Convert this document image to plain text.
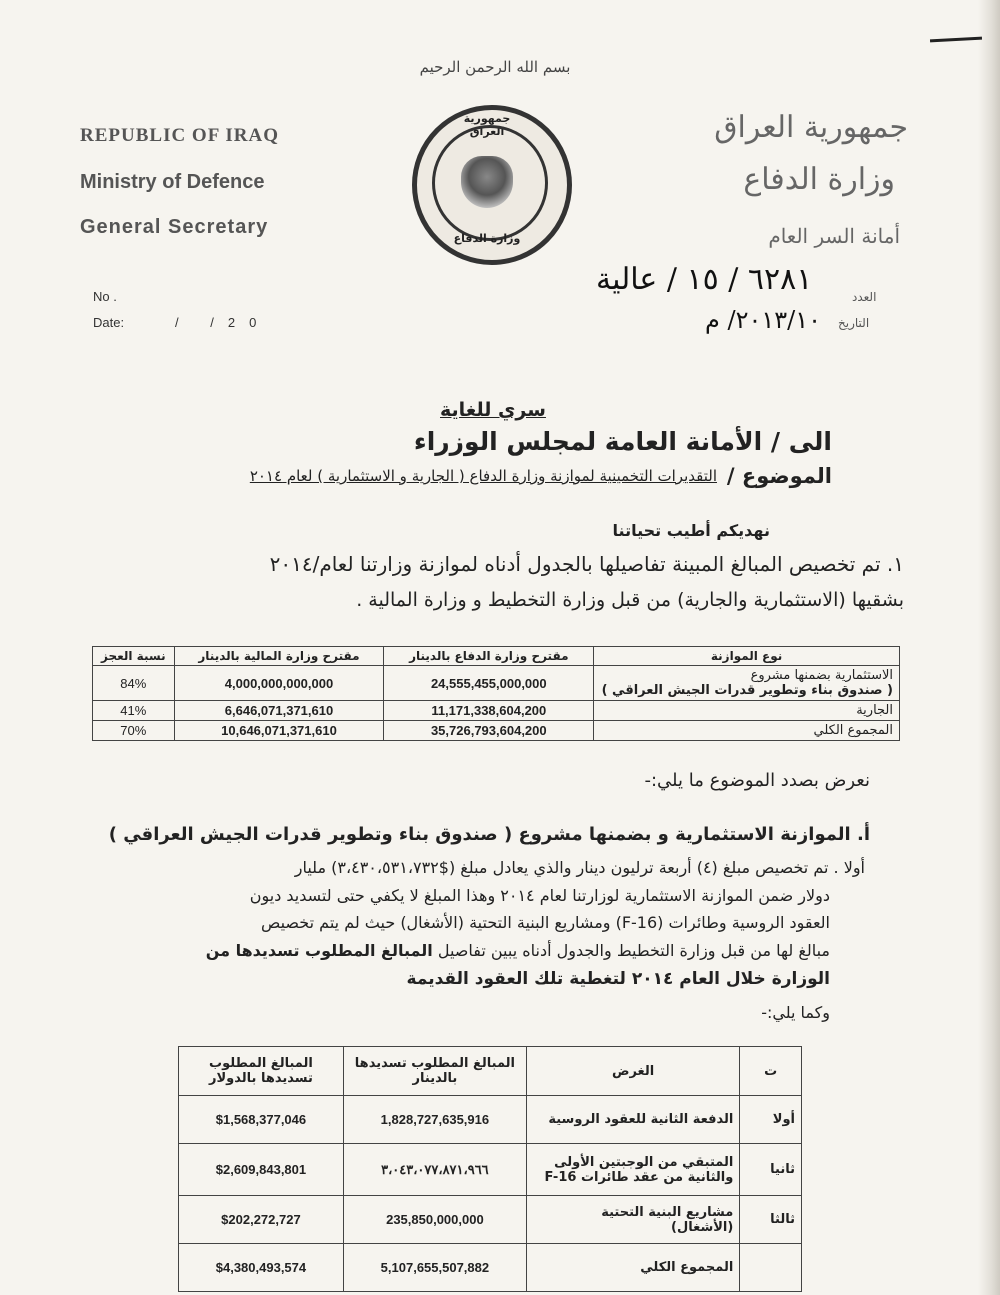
بسم الله الرحمن الرحيم
REPUBLIC OF IRAQ
Ministry of Defence
General Secretary
جمهورية العراق
وزارة الدفاع
جمهورية العراق
وزارة الدفاع
أمانة السر العام
No .
Date:	/ /20
العدد
التاريخ
٦٢٨١ / ١٥ / عالية
٢٠١٣/١٠/ م
سري للغاية
الى / الأمانة العامة لمجلس الوزراء
الموضوع /
التقديرات التخمينية لموازنة وزارة الدفاع ( الجارية و الاستثمارية ) لعام ٢٠١٤
نهديكم أطيب تحياتنا
١. تم تخصيص المبالغ المبينة تفاصيلها بالجدول أدناه لموازنة وزارتنا لعام/٢٠١٤
بشقيها (الاستثمارية والجارية) من قبل وزارة التخطيط و وزارة المالية .
نوع الموازنة	مقترح وزارة الدفاع بالدينار	مقترح وزارة المالية بالدينار	نسبة العجز

الاستثمارية بضمنها مشروع
( صندوق بناء وتطوير قدرات الجيش العراقي )	24,555,455,000,000	4,000,000,000,000	84%
الجارية	11,171,338,604,200	6,646,071,371,610	41%
المجموع الكلي	35,726,793,604,200	10,646,071,371,610	70%
نعرض بصدد الموضوع ما يلي:-
أ. الموازنة الاستثمارية و بضمنها مشروع ( صندوق بناء وتطوير قدرات الجيش العراقي )
أولا . تم تخصيص مبلغ (٤) أربعة ترليون دينار والذي يعادل مبلغ ($٣،٤٣٠،٥٣١،٧٣٢) مليار
دولار ضمن الموازنة الاستثمارية لوزارتنا لعام ٢٠١٤ وهذا المبلغ لا يكفي حتى لتسديد ديون
العقود الروسية وطائرات (F-16) ومشاريع البنية التحتية (الأشغال) حيث لم يتم تخصيص
مبالغ لها من قبل وزارة التخطيط والجدول أدناه يبين تفاصيل المبالغ المطلوب تسديدها من
الوزارة خلال العام ٢٠١٤ لتغطية تلك العقود القديمة
وكما يلي:-
ت	الغرض	المبالغ المطلوب تسديدها بالدينار	المبالغ المطلوب تسديدها بالدولار
أولا	الدفعة الثانية للعقود الروسية	1,828,727,635,916	$1,568,377,046
ثانيا	المتبقي من الوجبتين الأولى
والثانية من عقد طائرات F-16	٣،٠٤٣،٠٧٧،٨٧١،٩٦٦	$2,609,843,801
ثالثا	مشاريع البنية التحتية
(الأشغال)	235,850,000,000	$202,272,727
	المجموع الكلي	5,107,655,507,882	$4,380,493,574
